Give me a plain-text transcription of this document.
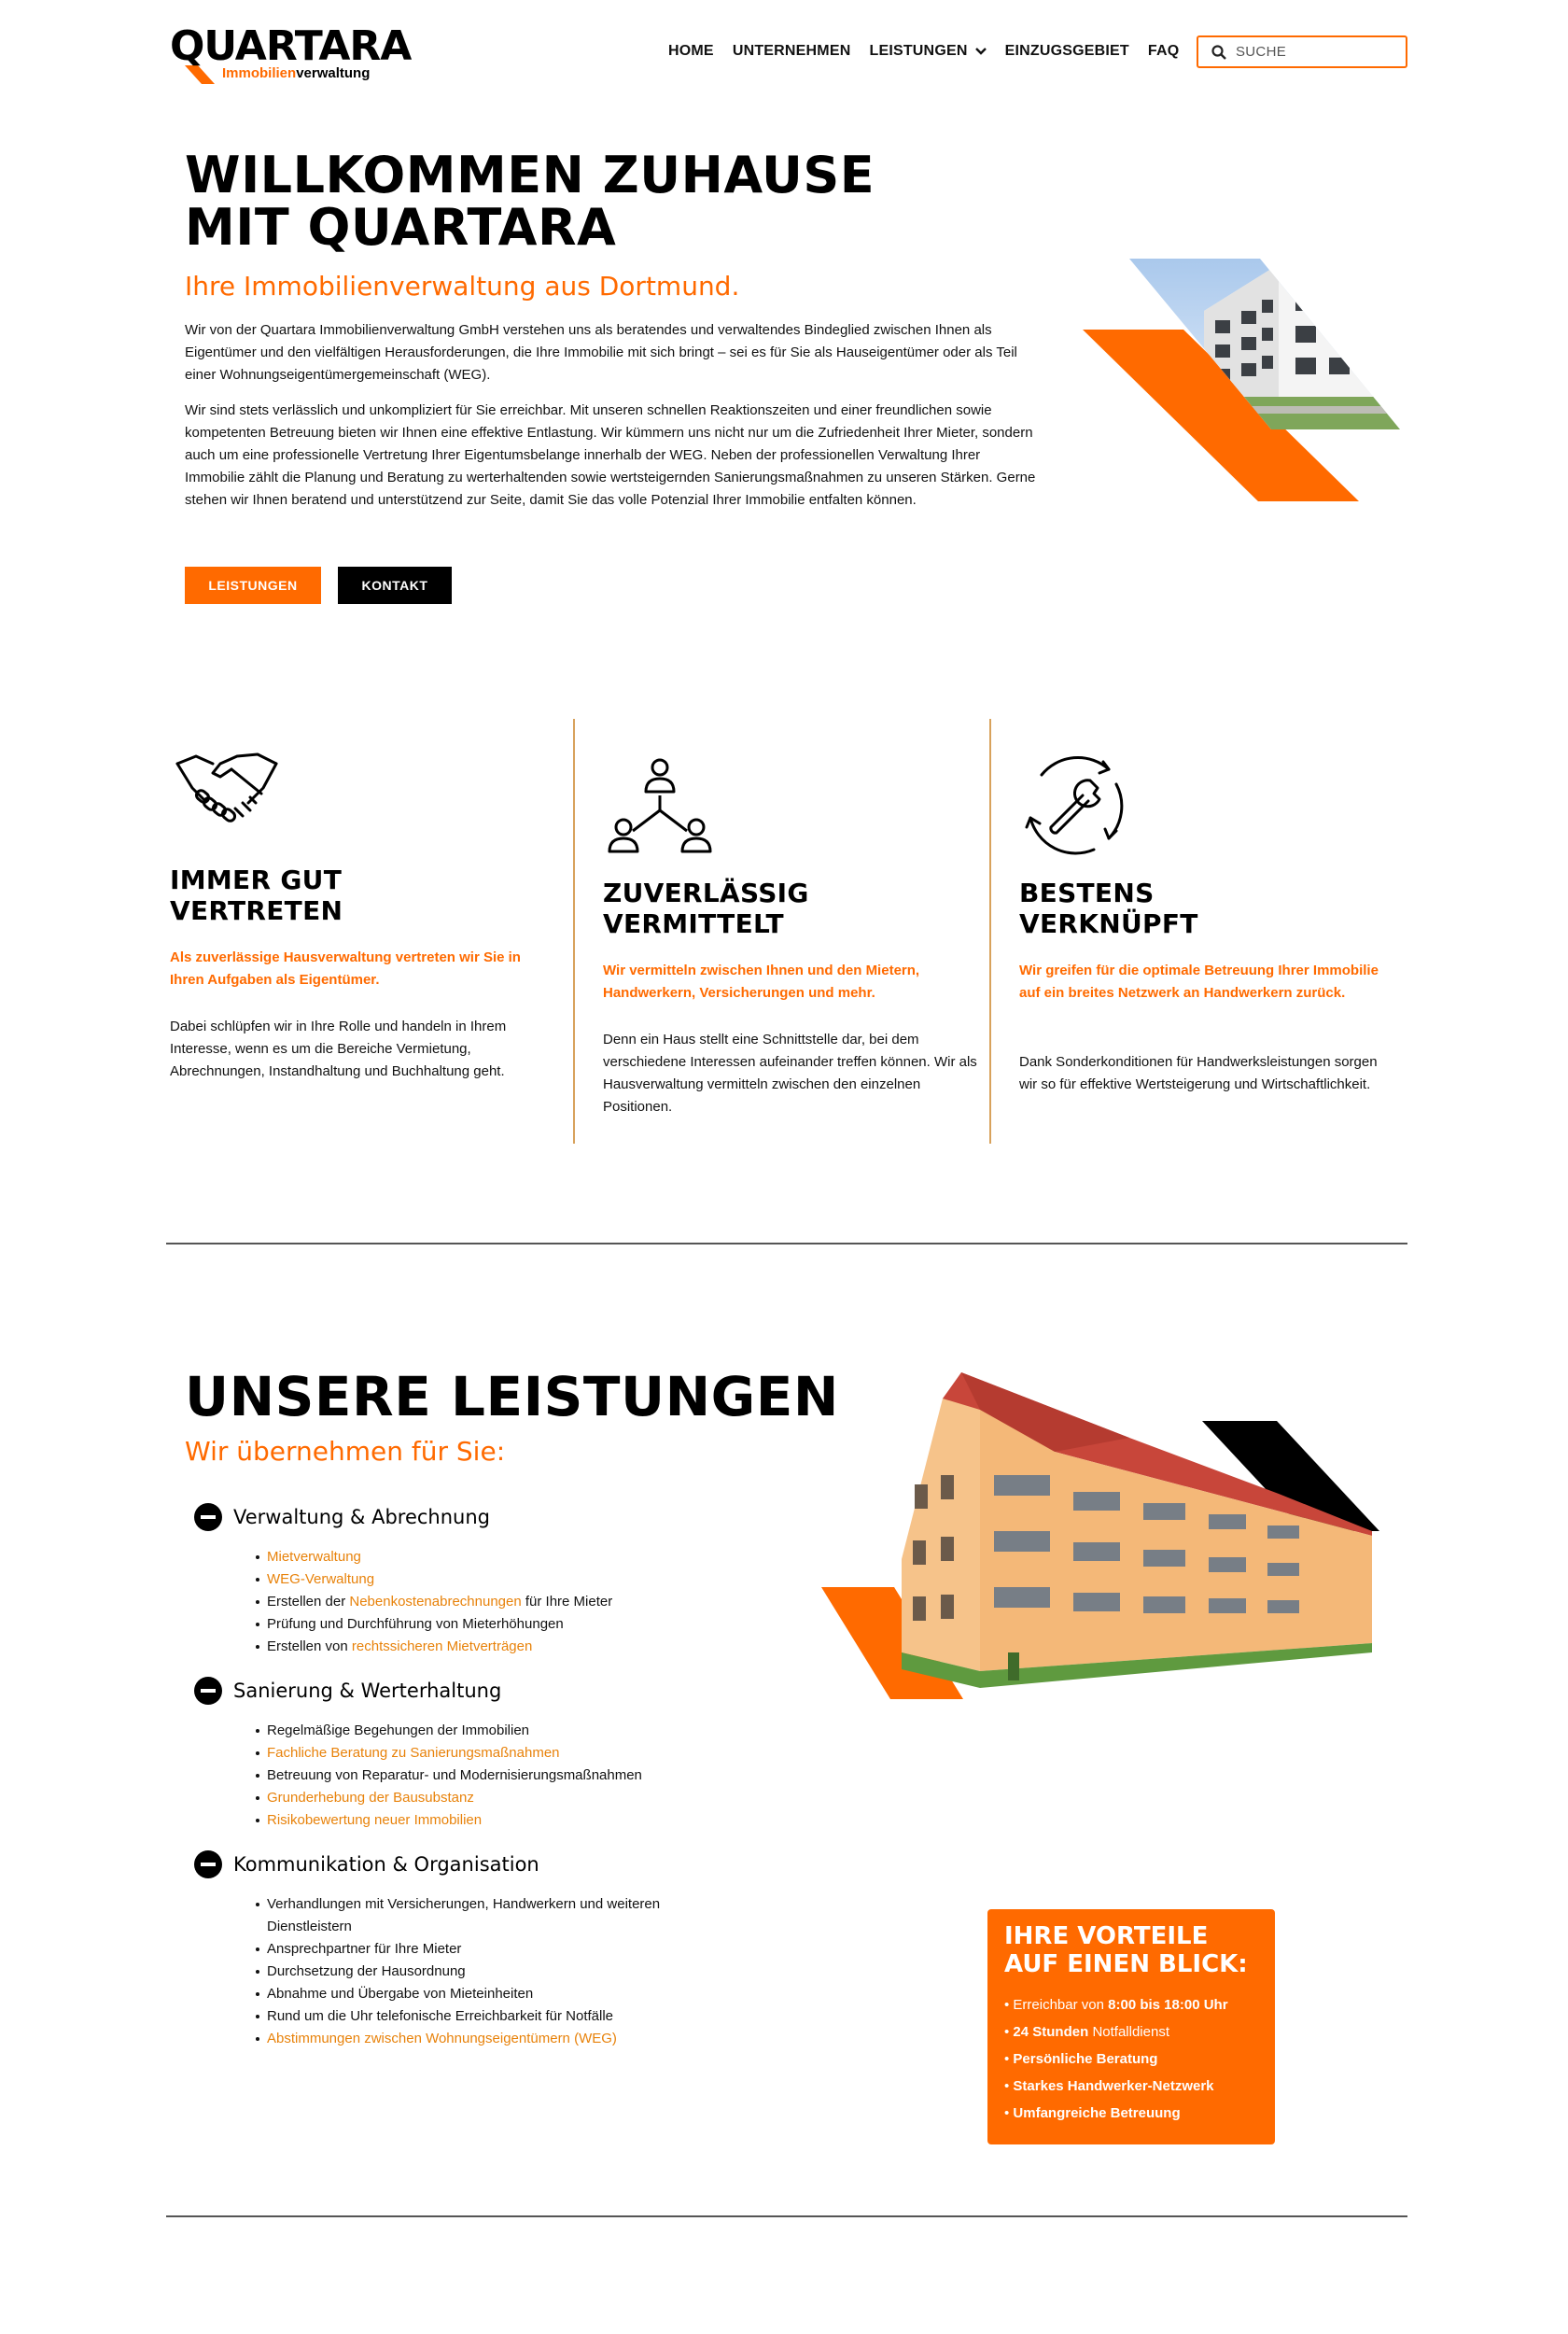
QUARTARA
Immobilienverwaltung
HOME UNTERNEHMEN LEISTUNGEN	EINZUGSGEBIET FAQ
SUCHE
WILLKOMMEN ZUHAUSE
MIT QUARTARA
Ihre Immobilienverwaltung aus Dortmund.

Wir von der Quartara Immobilienverwaltung GmbH verstehen uns als beratendes und verwaltendes Bindeglied zwischen Ihnen als Eigentümer und den vielfältigen Herausforderungen, die Ihre Immobilie mit sich bringt – sei es für Sie als Hauseigentümer oder als Teil einer Wohnungseigentümergemeinschaft (WEG).

Wir sind stets verlässlich und unkompliziert für Sie erreichbar. Mit unseren schnellen Reaktionszeiten und einer freundlichen sowie kompetenten Betreuung bieten wir Ihnen eine effektive Entlastung. Wir kümmern uns nicht nur um die Zufriedenheit Ihrer Mieter, sondern auch um eine professionelle Vertretung Ihrer Eigentumsbelange innerhalb der WEG. Neben der professionellen Verwaltung Ihrer Immobilie zählt die Planung und Beratung zu werterhaltenden sowie wertsteigernden Sanierungsmaßnahmen zu unseren Stärken. Gerne stehen wir Ihnen beratend und unterstützend zur Seite, damit Sie das volle Potenzial Ihrer Immobilie entfalten können.

LEISTUNGEN	KONTAKT
IMMER GUT
VERTRETEN
Als zuverlässige Hausverwaltung vertreten wir Sie in Ihren Aufgaben als Eigentümer.
Dabei schlüpfen wir in Ihre Rolle und handeln in Ihrem Interesse, wenn es um die Bereiche Vermietung, Abrechnungen, Instandhaltung und Buchhaltung geht.
ZUVERLÄSSIG
VERMITTELT
Wir vermitteln zwischen Ihnen und den Mietern, Handwerkern, Versicherungen und mehr.
Denn ein Haus stellt eine Schnittstelle dar, bei dem verschiedene Interessen aufeinander treffen können. Wir als Hausverwaltung vermitteln zwischen den einzelnen Positionen.
BESTENS
VERKNÜPFT
Wir greifen für die optimale Betreuung Ihrer Immobilie auf ein breites Netzwerk an Handwerkern zurück.
Dank Sonderkonditionen für Handwerksleistungen sorgen wir so für effektive Wertsteigerung und Wirtschaftlichkeit.
UNSERE LEISTUNGEN
Wir übernehmen für Sie:
Verwaltung & Abrechnung
Mietverwaltung
WEG-Verwaltung
Erstellen der Nebenkostenabrechnungen für Ihre Mieter
Prüfung und Durchführung von Mieterhöhungen
Erstellen von rechtssicheren Mietverträgen
Sanierung & Werterhaltung
Regelmäßige Begehungen der Immobilien
Fachliche Beratung zu Sanierungsmaßnahmen
Betreuung von Reparatur- und Modernisierungsmaßnahmen
Grunderhebung der Bausubstanz
Risikobewertung neuer Immobilien
Kommunikation & Organisation
Verhandlungen mit Versicherungen, Handwerkern und weiteren Dienstleistern
Ansprechpartner für Ihre Mieter
Durchsetzung der Hausordnung
Abnahme und Übergabe von Mieteinheiten
Rund um die Uhr telefonische Erreichbarkeit für Notfälle
Abstimmungen zwischen Wohnungseigentümern (WEG)
IHRE VORTEILE
AUF EINEN BLICK:
• Erreichbar von 8:00 bis 18:00 Uhr
• 24 Stunden Notfalldienst
• Persönliche Beratung
• Starkes Handwerker-Netzwerk
• Umfangreiche Betreuung
